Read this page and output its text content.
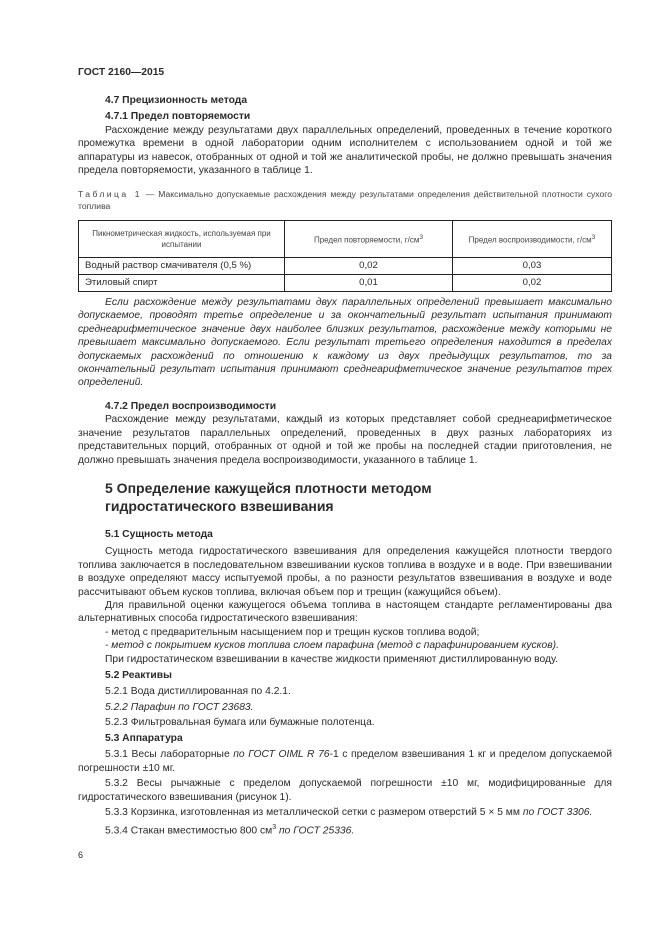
ГОСТ 2160—2015

4.7 Прецизионность метода

4.7.1 Предел повторяемости

Расхождение между результатами двух параллельных определений, проведенных в течение короткого промежутка времени в одной лаборатории одним исполнителем с использованием одной и той же аппаратуры из навесок, отобранных от одной и той же аналитической пробы, не должно превышать значения предела повторяемости, указанного в таблице 1.

Таблица 1 — Максимально допускаемые расхождения между результатами определения действительной плотности сухого топлива
Пикнометрическая жидкость, используемая при испытании	Предел повторяемости, $г/см^3$	Предел воспроизводимости, $г/см^3$
Водный раствор смачивателя (0,5 %)	0,02	0,03
Этиловый спирт	0,01	0,02

Если расхождение между результатами двух параллельных определений превышает максимально допускаемое, проводят третье определение и за окончательный результат испытания принимают среднеарифметическое значение двух наиболее близких результатов, расхождение между которыми не превышает максимально допускаемого. Если результат третьего определения находится в пределах допускаемых расхождений по отношению к каждому из двух предыдущих результатов, то за окончательный результат испытания принимают среднеарифметическое значение результатов трех определений.

4.7.2 Предел воспроизводимости

Расхождение между результатами, каждый из которых представляет собой среднеарифметическое значение результатов параллельных определений, проведенных в двух разных лабораториях из представительных порций, отобранных от одной и той же пробы на последней стадии приготовления, не должно превышать значения предела воспроизводимости, указанного в таблице 1.

5 Определение кажущейся плотности методом гидростатического взвешивания

5.1 Сущность метода

Сущность метода гидростатического взвешивания для определения кажущейся плотности твердого топлива заключается в последовательном взвешивании кусков топлива в воздухе и в воде. При взвешивании в воздухе определяют массу испытуемой пробы, а по разности результатов взвешивания в воздухе и воде рассчитывают объем кусков топлива, включая объем пор и трещин (кажущийся объем).

Для правильной оценки кажущегося объема топлива в настоящем стандарте регламентированы два альтернативных способа гидростатического взвешивания:

- метод с предварительным насыщением пор и трещин кусков топлива водой;

- метод с покрытием кусков топлива слоем парафина (метод с парафинированием кусков).

При гидростатическом взвешивании в качестве жидкости применяют дистиллированную воду.

5.2 Реактивы

5.2.1 Вода дистиллированная по 4.2.1.

5.2.2 Парафин по ГОСТ 23683.

5.2.3 Фильтровальная бумага или бумажные полотенца.

5.3 Аппаратура

5.3.1 Весы лабораторные по ГОСТ OIML R 76-1 с пределом взвешивания 1 кг и пределом допускаемой погрешности ±10 мг.

5.3.2 Весы рычажные с пределом допускаемой погрешности ±10 мг, модифицированные для гидростатического взвешивания (рисунок 1).

5.3.3 Корзинка, изготовленная из металлической сетки с размером отверстий 5 × 5 мм по ГОСТ 3306.

5.3.4 Стакан вместимостью 800 $см^3$ по ГОСТ 25336.

6
